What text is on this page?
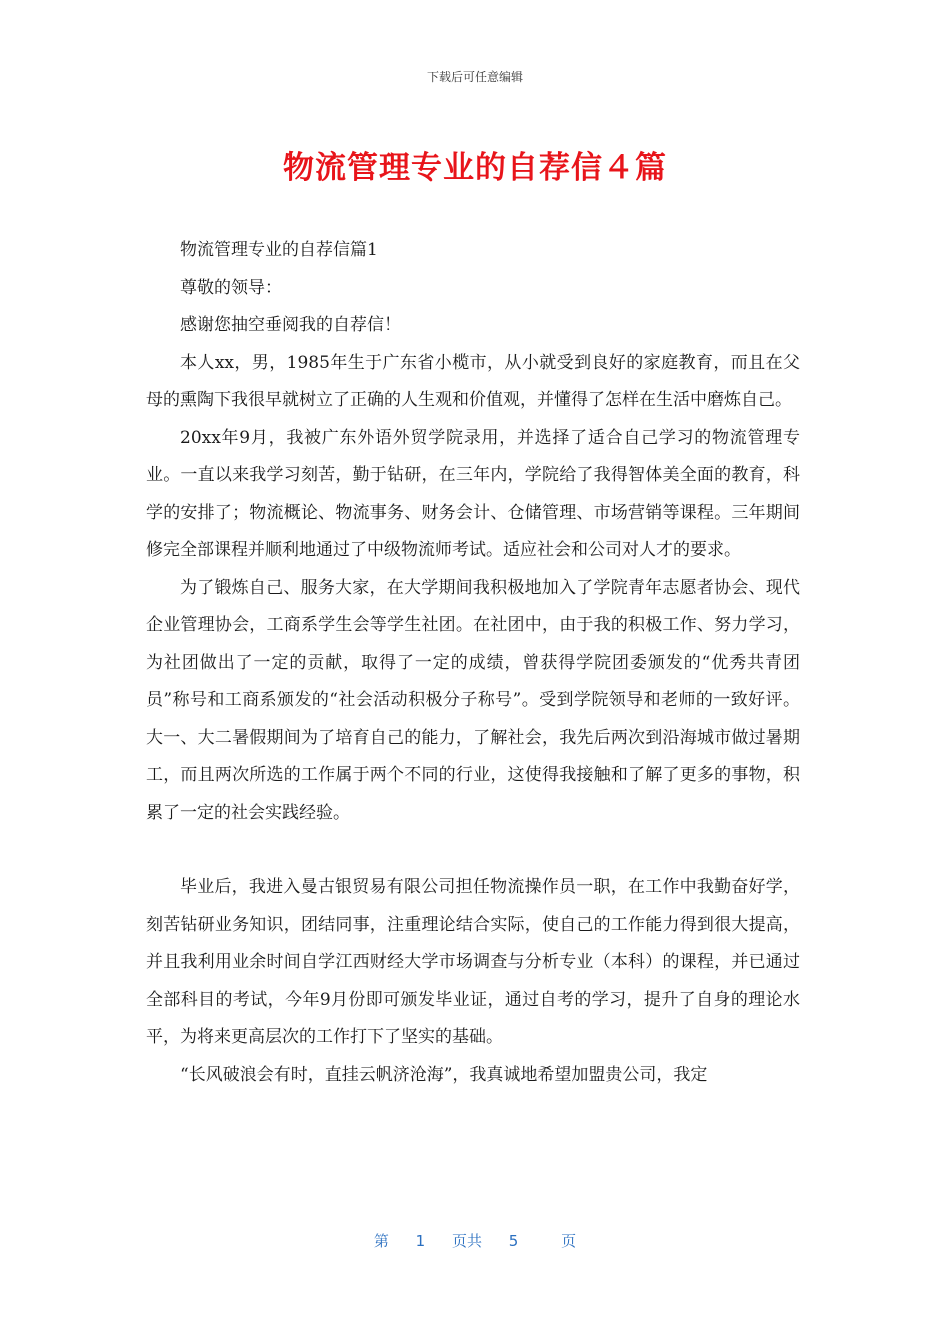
下载后可任意编辑
物流管理专业的自荐信４篇

物流管理专业的自荐信篇1

尊敬的领导：

感谢您抽空垂阅我的自荐信！

本人xx，男，1985年生于广东省小榄市，从小就受到良好的家庭教育，而且在父母的熏陶下我很早就树立了正确的人生观和价值观，并懂得了怎样在生活中磨炼自己。

20xx年9月，我被广东外语外贸学院录用，并选择了适合自己学习的物流管理专业。一直以来我学习刻苦，勤于钻研，在三年内，学院给了我得智体美全面的教育，科学的安排了；物流概论、物流事务、财务会计、仓储管理、市场营销等课程。三年期间修完全部课程并顺利地通过了中级物流师考试。适应社会和公司对人才的要求。

为了锻炼自己、服务大家，在大学期间我积极地加入了学院青年志愿者协会、现代企业管理协会，工商系学生会等学生社团。在社团中，由于我的积极工作、努力学习，为社团做出了一定的贡献，取得了一定的成绩，曾获得学院团委颁发的“优秀共青团员”称号和工商系颁发的“社会活动积极分子称号”。受到学院领导和老师的一致好评。大一、大二暑假期间为了培育自己的能力，了解社会，我先后两次到沿海城市做过暑期工，而且两次所选的工作属于两个不同的行业，这使得我接触和了解了更多的事物，积累了一定的社会实践经验。

毕业后，我进入曼古银贸易有限公司担任物流操作员一职，在工作中我勤奋好学，刻苦钻研业务知识，团结同事，注重理论结合实际，使自己的工作能力得到很大提高，并且我利用业余时间自学江西财经大学市场调查与分析专业（本科）的课程，并已通过全部科目的考试，今年9月份即可颁发毕业证，通过自考的学习，提升了自身的理论水平，为将来更高层次的工作打下了坚实的基础。

“长风破浪会有时，直挂云帆济沧海”，我真诚地希望加盟贵公司，我定

第 1 页共 5	页
